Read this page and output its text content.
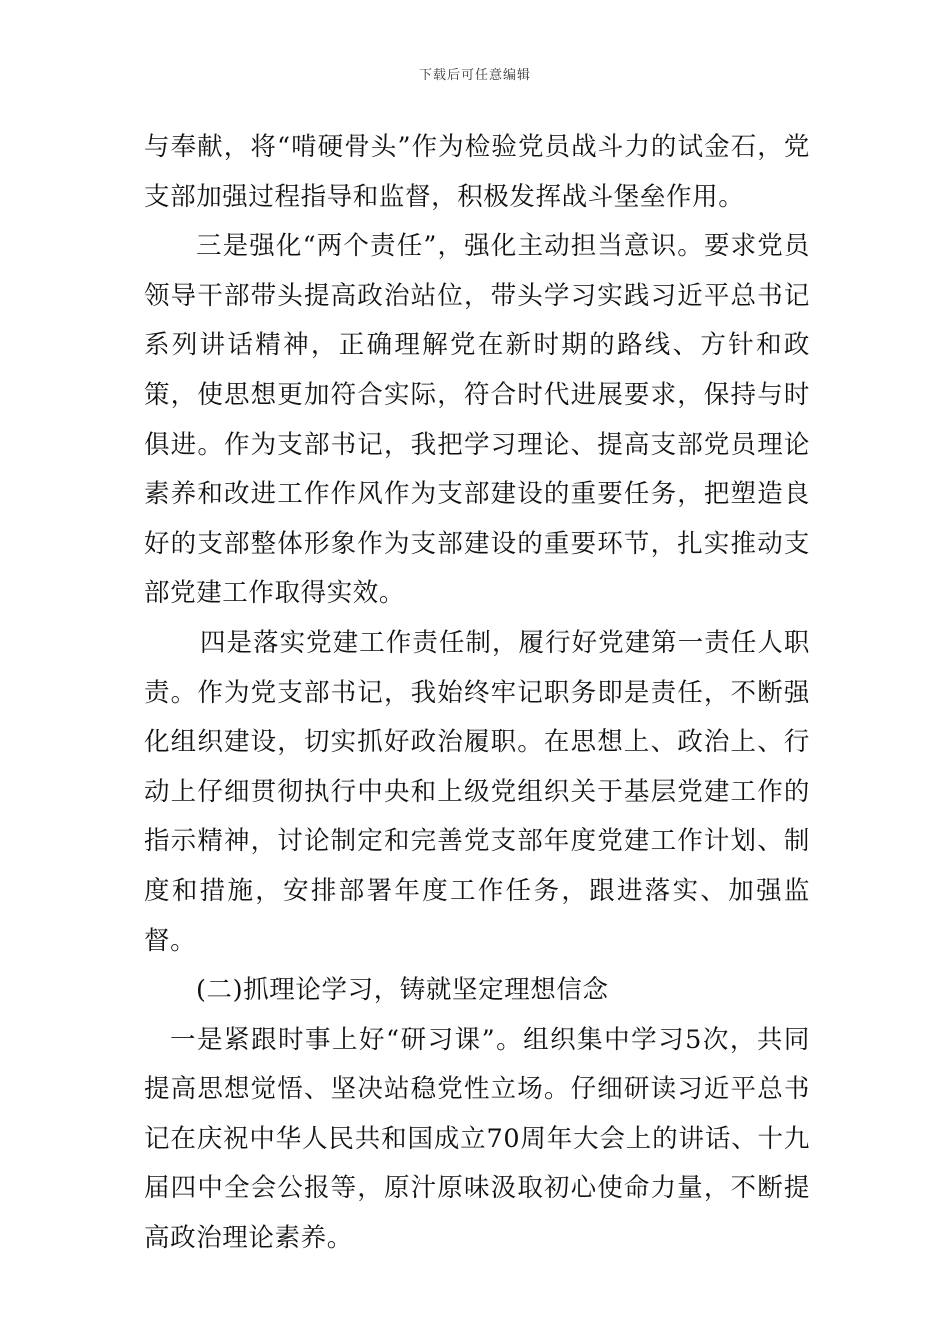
下载后可任意编辑

与奉献，将“啃硬骨头”作为检验党员战斗力的试金石，党支部加强过程指导和监督，积极发挥战斗堡垒作用。

三是强化“两个责任”，强化主动担当意识。要求党员领导干部带头提高政治站位，带头学习实践习近平总书记系列讲话精神，正确理解党在新时期的路线、方针和政策，使思想更加符合实际，符合时代进展要求，保持与时俱进。作为支部书记，我把学习理论、提高支部党员理论素养和改进工作作风作为支部建设的重要任务，把塑造良好的支部整体形象作为支部建设的重要环节，扎实推动支部党建工作取得实效。

四是落实党建工作责任制，履行好党建第一责任人职责。作为党支部书记，我始终牢记职务即是责任，不断强化组织建设，切实抓好政治履职。在思想上、政治上、行动上仔细贯彻执行中央和上级党组织关于基层党建工作的指示精神，讨论制定和完善党支部年度党建工作计划、制度和措施，安排部署年度工作任务，跟进落实、加强监督。

(二)抓理论学习，铸就坚定理想信念

一是紧跟时事上好“研习课”。组织集中学习5次，共同提高思想觉悟、坚决站稳党性立场。仔细研读习近平总书记在庆祝中华人民共和国成立70周年大会上的讲话、十九届四中全会公报等，原汁原味汲取初心使命力量，不断提高政治理论素养。
